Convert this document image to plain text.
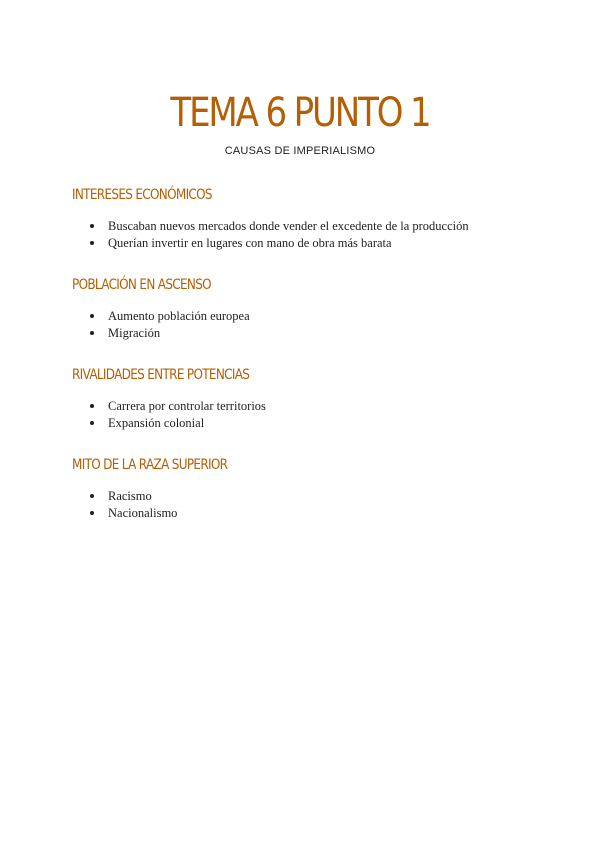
TEMA 6 PUNTO 1

CAUSAS DE IMPERIALISMO

INTERESES ECONÓMICOS
Buscaban nuevos mercados donde vender el excedente de la producción
Querían invertir en lugares con mano de obra más barata
POBLACIÓN EN ASCENSO
Aumento población europea
Migración
RIVALIDADES ENTRE POTENCIAS
Carrera por controlar territorios
Expansión colonial
MITO DE LA RAZA SUPERIOR
Racismo
Nacionalismo
